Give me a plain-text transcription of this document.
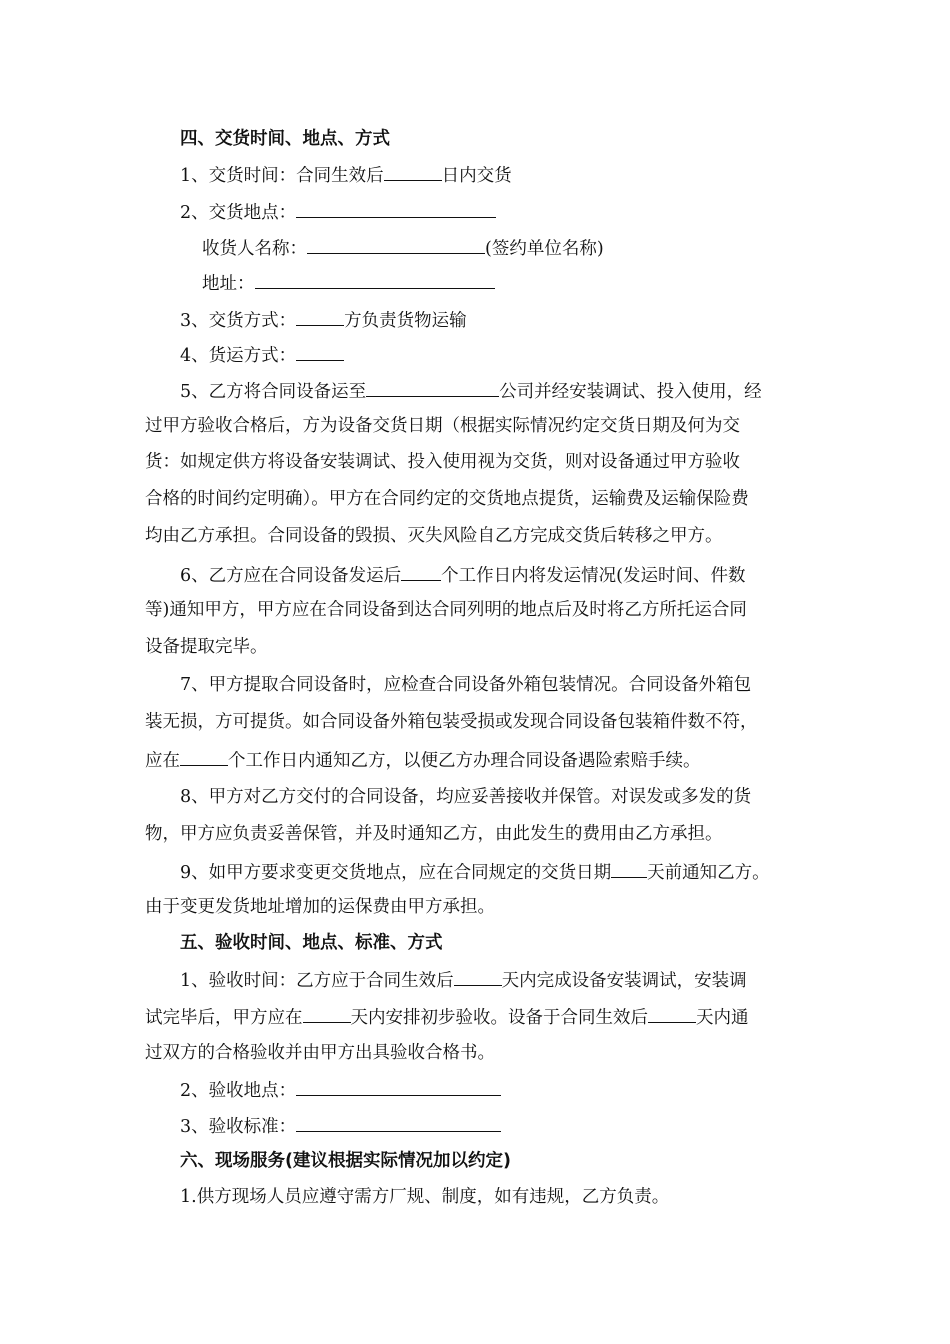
四、交货时间、地点、方式
1、交货时间：合同生效后	日内交货
2、交货地点：
收货人名称：	(签约单位名称)
地址：
3、交货方式：	方负责货物运输
4、货运方式：
5、乙方将合同设备运至	公司并经安装调试、投入使用，经
过甲方验收合格后，方为设备交货日期（根据实际情况约定交货日期及何为交
货：如规定供方将设备安装调试、投入使用视为交货，则对设备通过甲方验收
合格的时间约定明确）。甲方在合同约定的交货地点提货，运输费及运输保险费
均由乙方承担。合同设备的毁损、灭失风险自乙方完成交货后转移之甲方。
6、乙方应在合同设备发运后 个工作日内将发运情况(发运时间、件数
等)通知甲方，甲方应在合同设备到达合同列明的地点后及时将乙方所托运合同
设备提取完毕。
7、甲方提取合同设备时，应检查合同设备外箱包装情况。合同设备外箱包
装无损，方可提货。如合同设备外箱包装受损或发现合同设备包装箱件数不符，
应在	个工作日内通知乙方，以便乙方办理合同设备遇险索赔手续。
8、甲方对乙方交付的合同设备，均应妥善接收并保管。对误发或多发的货
物，甲方应负责妥善保管，并及时通知乙方，由此发生的费用由乙方承担。
9、如甲方要求变更交货地点，应在合同规定的交货日期 天前通知乙方。
由于变更发货地址增加的运保费由甲方承担。
五、验收时间、地点、标准、方式
1、验收时间：乙方应于合同生效后	天内完成设备安装调试，安装调
试完毕后，甲方应在	天内安排初步验收。设备于合同生效后	天内通
过双方的合格验收并由甲方出具验收合格书。
2、验收地点：
3、验收标准：
六、现场服务(建议根据实际情况加以约定)
1.供方现场人员应遵守需方厂规、制度，如有违规，乙方负责。
